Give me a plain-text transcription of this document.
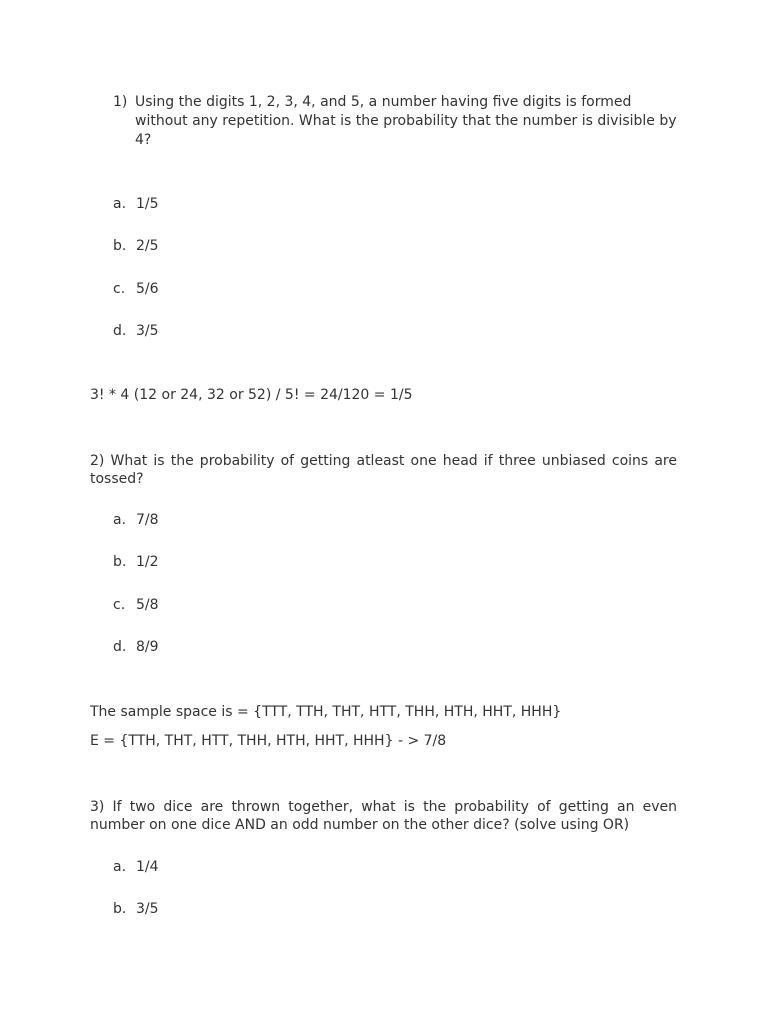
1) Using the digits 1, 2, 3, 4, and 5, a number having five digits is formed without any repetition. What is the probability that the number is divisible by 4?
a. 1/5
b. 2/5
c. 5/6
d. 3/5
3! * 4 (12 or 24, 32 or 52) / 5! = 24/120 = 1/5
2) What is the probability of getting atleast one head if three unbiased coins are tossed?
a. 7/8
b. 1/2
c. 5/8
d. 8/9
The sample space is = {TTT, TTH, THT, HTT, THH, HTH, HHT, HHH}
E = {TTH, THT, HTT, THH, HTH, HHT, HHH} - > 7/8
3) If two dice are thrown together, what is the probability of getting an even number on one dice AND an odd number on the other dice? (solve using OR)
a. 1/4
b. 3/5
